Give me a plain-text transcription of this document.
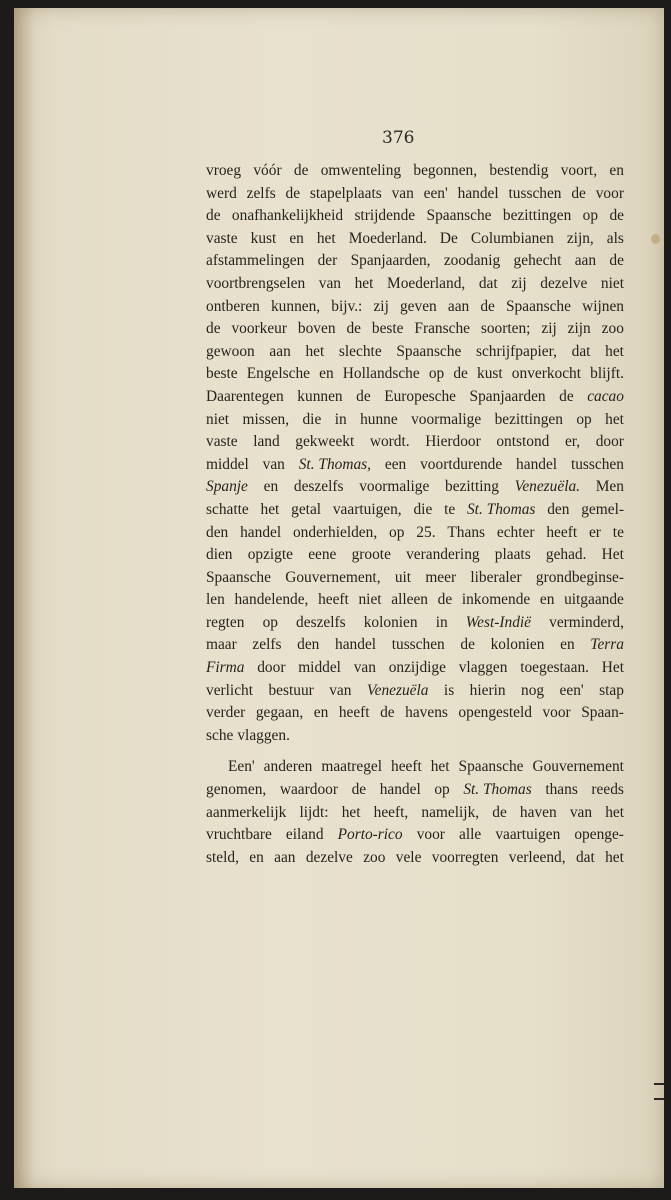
376
vroeg vóór de omwenteling begonnen, bestendig voort, en
werd zelfs de stapelplaats van een' handel tusschen de voor
de onafhankelijkheid strijdende Spaansche bezittingen op de
vaste kust en het Moederland. De Columbianen zijn, als
afstammelingen der Spanjaarden, zoodanig gehecht aan de
voortbrengselen van het Moederland, dat zij dezelve niet
ontberen kunnen, bijv.: zij geven aan de Spaansche wijnen
de voorkeur boven de beste Fransche soorten; zij zijn zoo
gewoon aan het slechte Spaansche schrijfpapier, dat het
beste Engelsche en Hollandsche op de kust onverkocht blijft.
Daarentegen kunnen de Europesche Spanjaarden de cacao
niet missen, die in hunne voormalige bezittingen op het
vaste land gekweekt wordt. Hierdoor ontstond er, door
middel van St. Thomas, een voortdurende handel tusschen
Spanje en deszelfs voormalige bezitting Venezuëla. Men
schatte het getal vaartuigen, die te St. Thomas den gemel-
den handel onderhielden, op 25. Thans echter heeft er te
dien opzigte eene groote verandering plaats gehad. Het
Spaansche Gouvernement, uit meer liberaler grondbeginse-
len handelende, heeft niet alleen de inkomende en uitgaande
regten op deszelfs kolonien in West-Indië verminderd,
maar zelfs den handel tusschen de kolonien en Terra
Firma door middel van onzijdige vlaggen toegestaan. Het
verlicht bestuur van Venezuëla is hierin nog een' stap
verder gegaan, en heeft de havens opengesteld voor Spaan-
sche vlaggen.
Een' anderen maatregel heeft het Spaansche Gouvernement
genomen, waardoor de handel op St. Thomas thans reeds
aanmerkelijk lijdt: het heeft, namelijk, de haven van het
vruchtbare eiland Porto-rico voor alle vaartuigen openge-
steld, en aan dezelve zoo vele voorregten verleend, dat het
